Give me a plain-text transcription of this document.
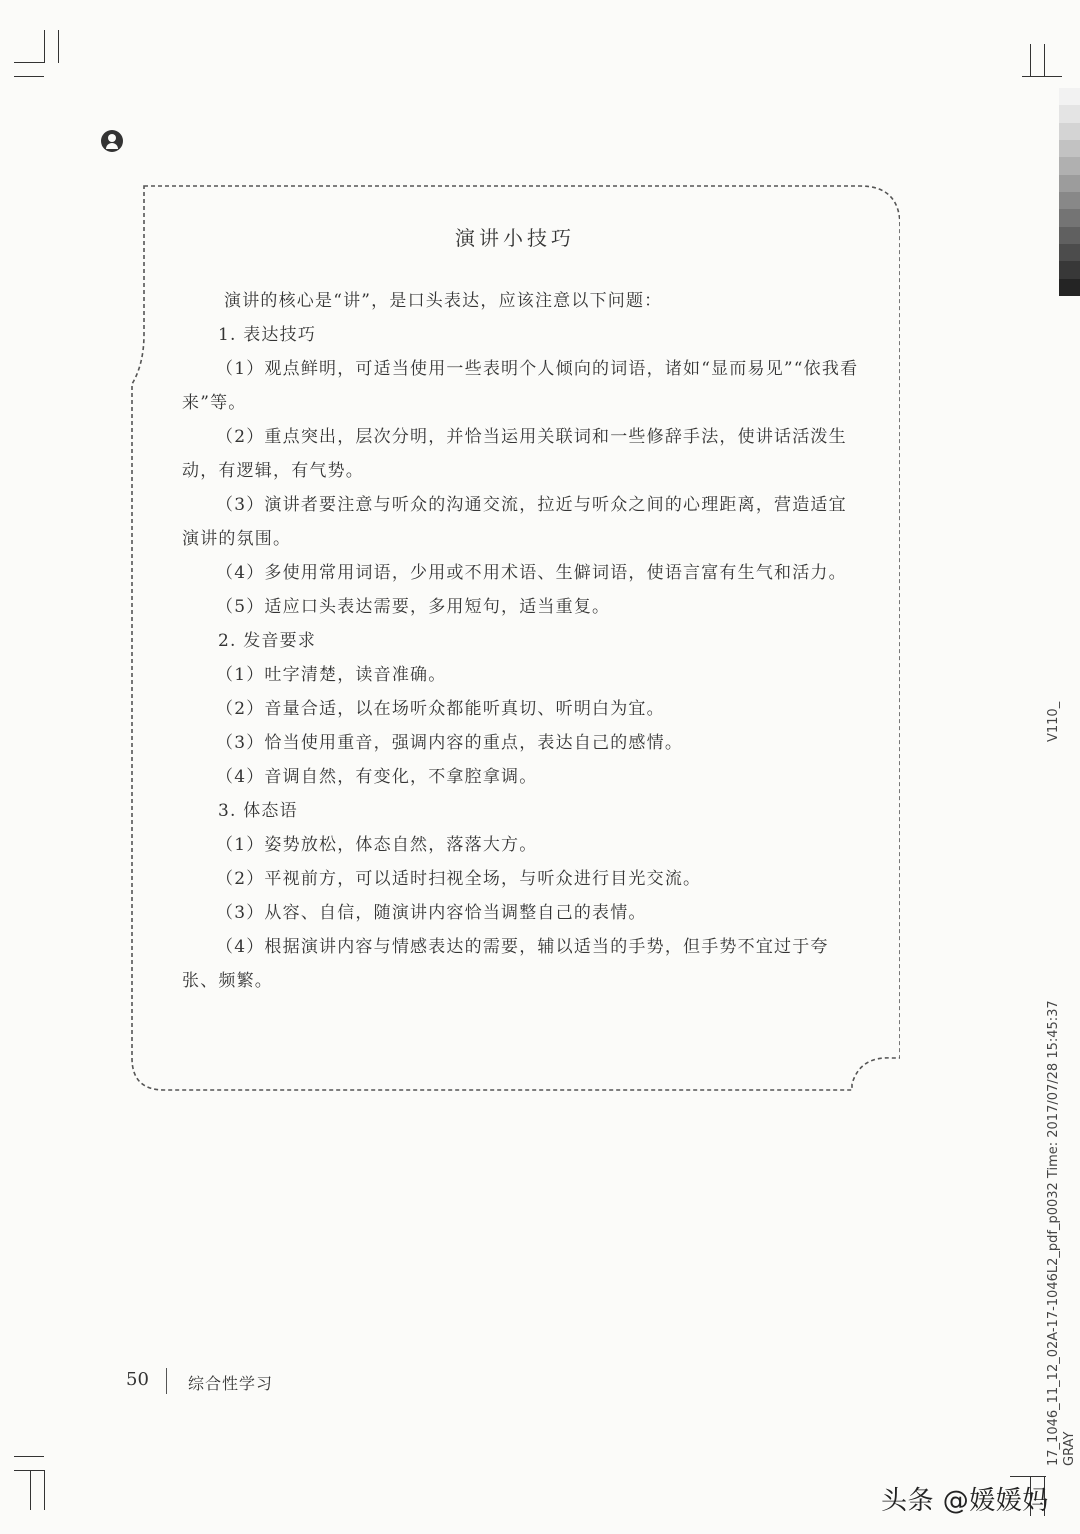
演讲小技巧

演讲的核心是“讲”，是口头表达，应该注意以下问题：

1. 表达技巧

（1）观点鲜明，可适当使用一些表明个人倾向的词语，诸如“显而易见”“依我看来”等。

（2）重点突出，层次分明，并恰当运用关联词和一些修辞手法，使讲话活泼生动，有逻辑，有气势。

（3）演讲者要注意与听众的沟通交流，拉近与听众之间的心理距离，营造适宜演讲的氛围。

（4）多使用常用词语，少用或不用术语、生僻词语，使语言富有生气和活力。

（5）适应口头表达需要，多用短句，适当重复。

2. 发音要求

（1）吐字清楚，读音准确。

（2）音量合适，以在场听众都能听真切、听明白为宜。

（3）恰当使用重音，强调内容的重点，表达自己的感情。

（4）音调自然，有变化，不拿腔拿调。

3. 体态语

（1）姿势放松，体态自然，落落大方。

（2）平视前方，可以适时扫视全场，与听众进行目光交流。

（3）从容、自信，随演讲内容恰当调整自己的表情。

（4）根据演讲内容与情感表达的需要，辅以适当的手势，但手势不宜过于夸张、频繁。

V110_
17_1046_11_12_02A-17-1046L2_pdf_p0032 Time: 2017/07/28 15:45:37 GRAY
50 综合性学习
头条 @媛媛妈
